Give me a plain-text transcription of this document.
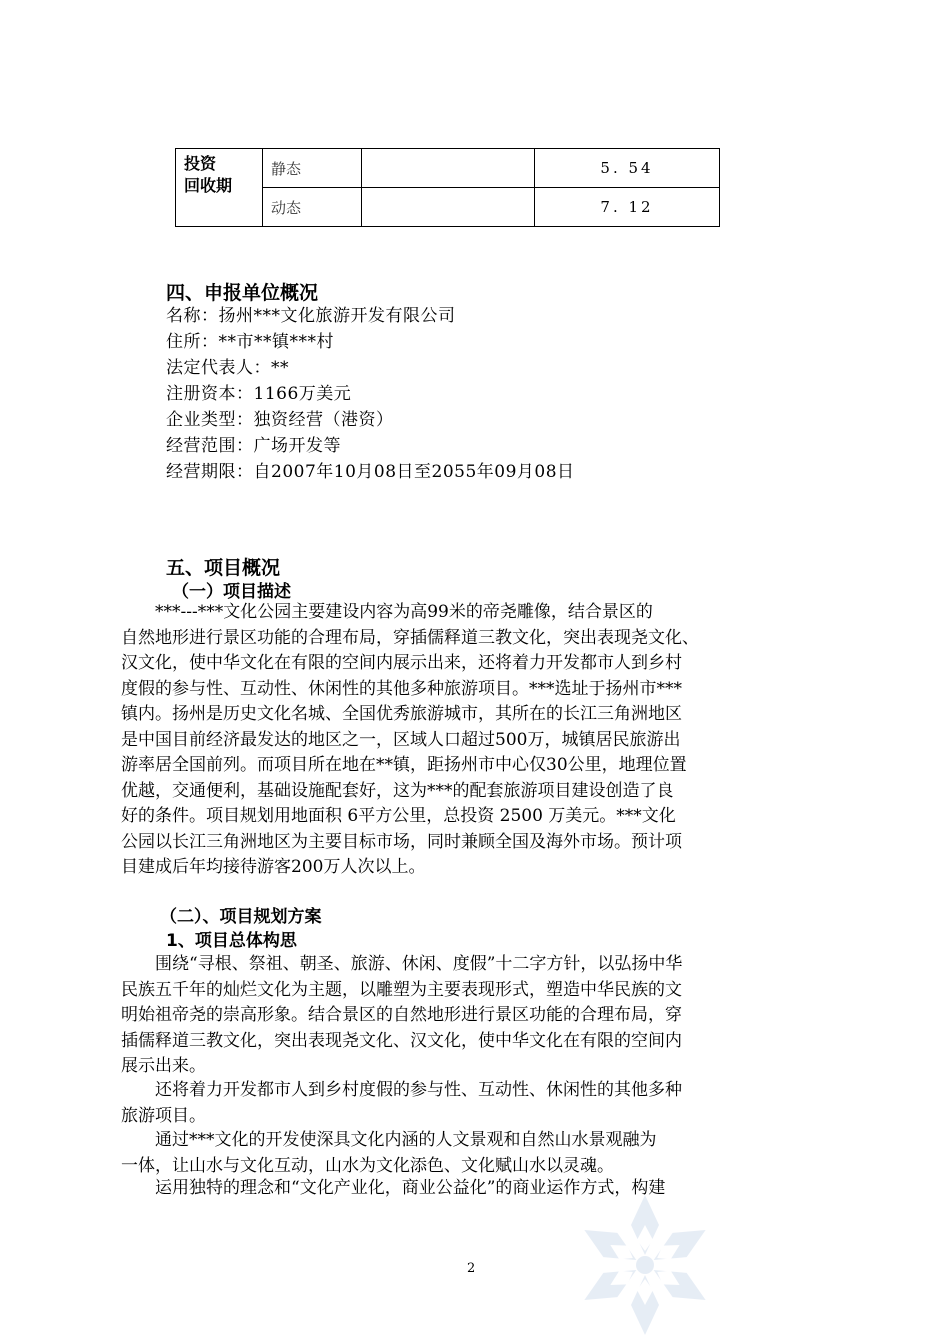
投资
回收期	静态		5. 54
	动态		7. 12
四、申报单位概况
名称：扬州***文化旅游开发有限公司
住所：**市**镇***村
法定代表人：**
注册资本：1166万美元
企业类型：独资经营（港资）
经营范围：广场开发等
经营期限：自2007年10月08日至2055年09月08日
五、项目概况
（一）项目描述

　　***---***文化公园主要建设内容为高99米的帝尧雕像，结合景区的
自然地形进行景区功能的合理布局，穿插儒释道三教文化，突出表现尧文化、
汉文化，使中华文化在有限的空间内展示出来，还将着力开发都市人到乡村
度假的参与性、互动性、休闲性的其他多种旅游项目。***选址于扬州市***
镇内。扬州是历史文化名城、全国优秀旅游城市，其所在的长江三角洲地区
是中国目前经济最发达的地区之一，区域人口超过500万，城镇居民旅游出
游率居全国前列。而项目所在地在**镇，距扬州市中心仅30公里，地理位置
优越，交通便利，基础设施配套好，这为***的配套旅游项目建设创造了良
好的条件。项目规划用地面积 6平方公里，总投资 2500 万美元。***文化
公园以长江三角洲地区为主要目标市场，同时兼顾全国及海外市场。预计项
目建成后年均接待游客200万人次以上。

（二）、项目规划方案
1、项目总体构思

　　围绕“寻根、祭祖、朝圣、旅游、休闲、度假”十二字方针，以弘扬中华
民族五千年的灿烂文化为主题，以雕塑为主要表现形式，塑造中华民族的文
明始祖帝尧的崇高形象。结合景区的自然地形进行景区功能的合理布局，穿
插儒释道三教文化，突出表现尧文化、汉文化，使中华文化在有限的空间内
展示出来。

　　还将着力开发都市人到乡村度假的参与性、互动性、休闲性的其他多种
旅游项目。

　　通过***文化的开发使深具文化内涵的人文景观和自然山水景观融为
一体，让山水与文化互动，山水为文化添色、文化赋山水以灵魂。

　　运用独特的理念和“文化产业化，商业公益化”的商业运作方式，构建

2
